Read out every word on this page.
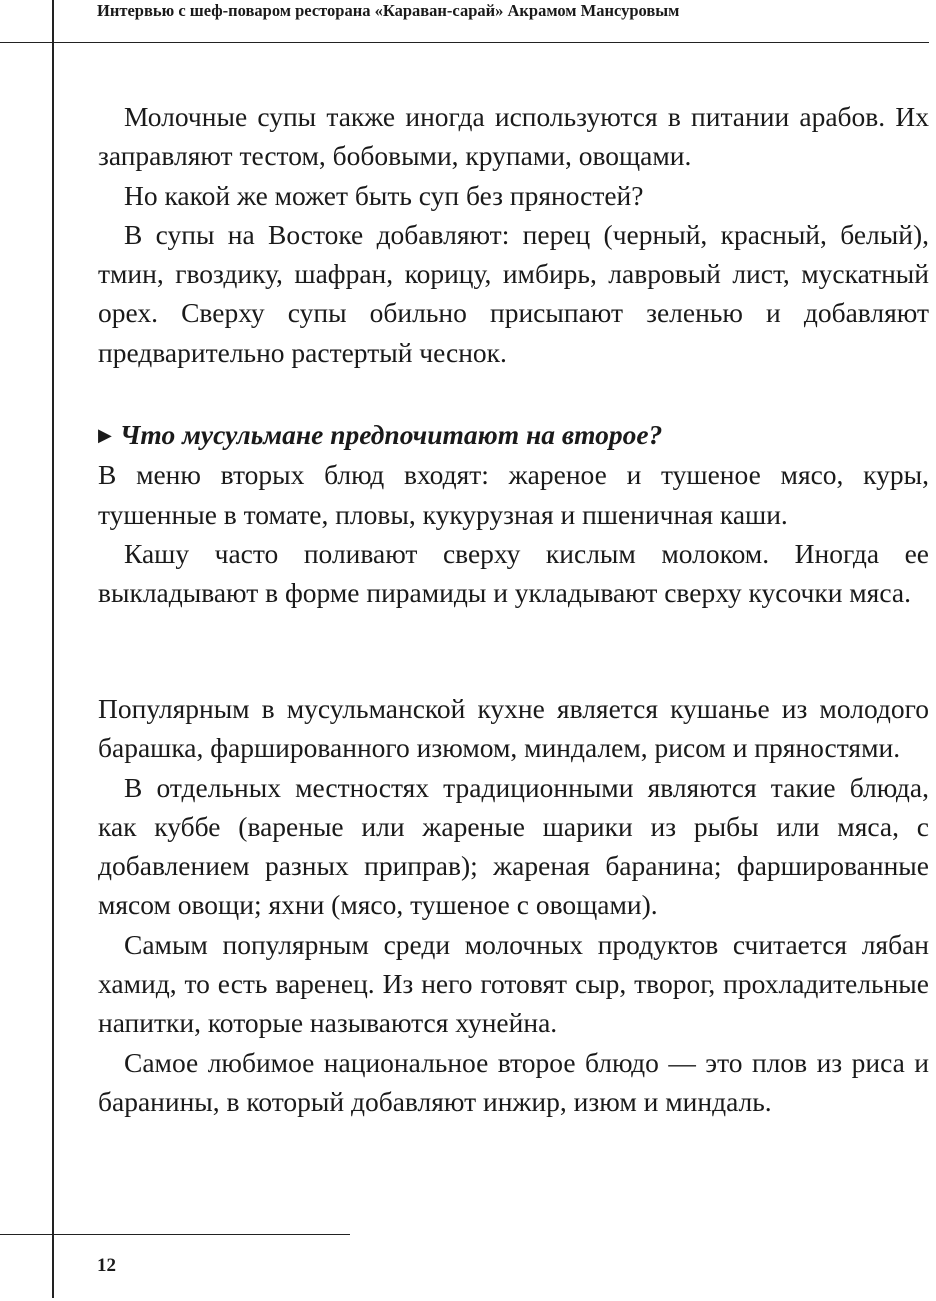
Интервью с шеф-поваром ресторана «Караван-сарай» Акрамом Мансуровым

Молочные супы также иногда используются в питании арабов. Их заправляют тестом, бобовыми, крупами, овощами.

Но какой же может быть суп без пряностей?

В супы на Востоке добавляют: перец (черный, красный, белый), тмин, гвоздику, шафран, корицу, имбирь, лавровый лист, мускатный орех. Сверху супы обильно присыпают зеленью и добавляют предварительно растертый чеснок.

▶ Что мусульмане предпочитают на второе?

В меню вторых блюд входят: жареное и тушеное мясо, куры, тушенные в томате, пловы, кукурузная и пшеничная каши.

Кашу часто поливают сверху кислым молоком. Иногда ее выкладывают в форме пирамиды и укладывают сверху кусочки мяса.

Популярным в мусульманской кухне является кушанье из молодого барашка, фаршированного изюмом, миндалем, рисом и пряностями.

В отдельных местностях традиционными являются такие блюда, как куббе (вареные или жареные шарики из рыбы или мяса, с добавлением разных приправ); жареная баранина; фаршированные мясом овощи; яхни (мясо, тушеное с овощами).

Самым популярным среди молочных продуктов считается лябан хамид, то есть варенец. Из него готовят сыр, творог, прохладительные напитки, которые называются хунейна.

Самое любимое национальное второе блюдо — это плов из риса и баранины, в который добавляют инжир, изюм и миндаль.

12
